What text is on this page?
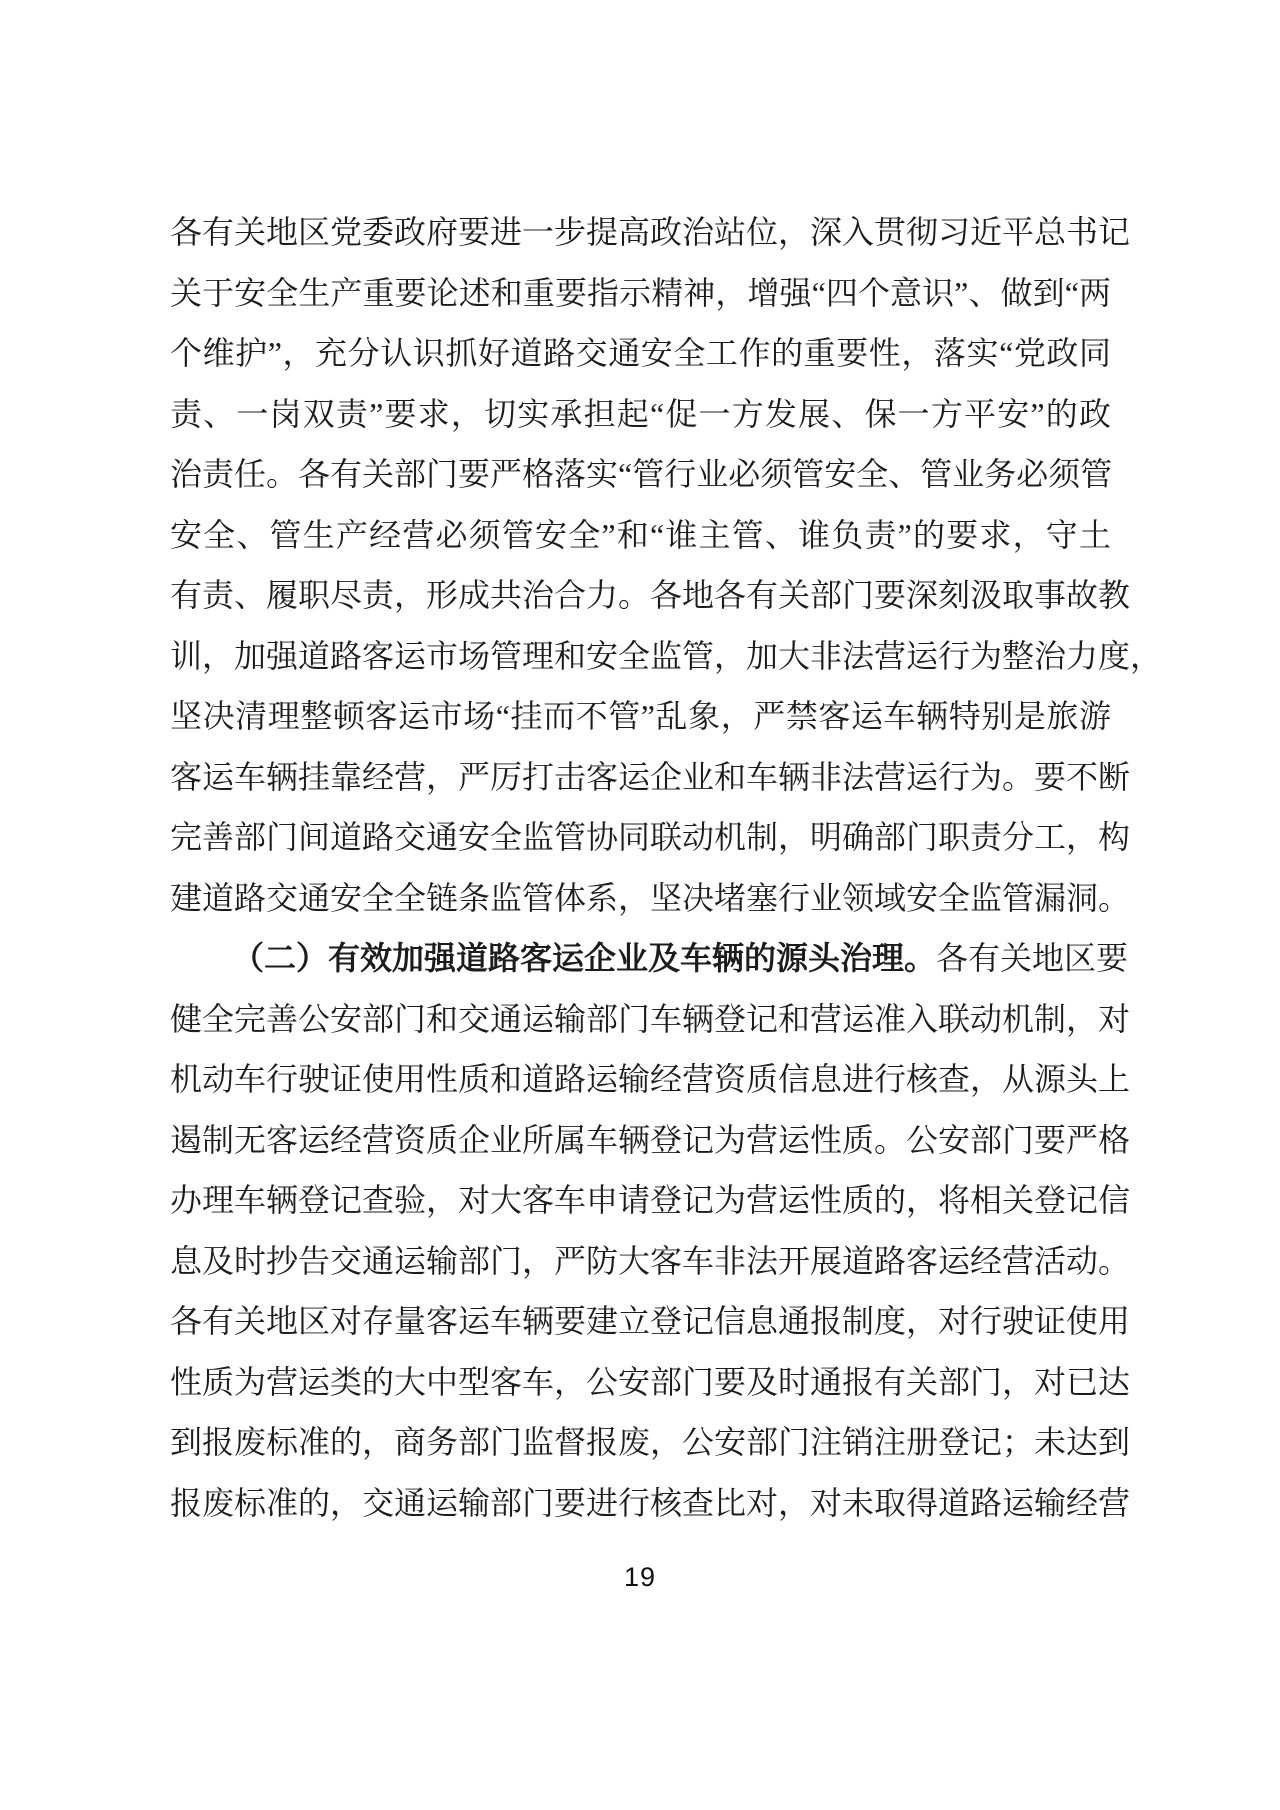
各有关地区党委政府要进一步提高政治站位，深入贯彻习近平总书记
关于安全生产重要论述和重要指示精神，增强“四个意识”、做到“两
个维护”，充分认识抓好道路交通安全工作的重要性，落实“党政同
责、一岗双责”要求，切实承担起“促一方发展、保一方平安”的政
治责任。各有关部门要严格落实“管行业必须管安全、管业务必须管
安全、管生产经营必须管安全”和“谁主管、谁负责”的要求，守土
有责、履职尽责，形成共治合力。各地各有关部门要深刻汲取事故教
训，加强道路客运市场管理和安全监管，加大非法营运行为整治力度，
坚决清理整顿客运市场“挂而不管”乱象，严禁客运车辆特别是旅游
客运车辆挂靠经营，严厉打击客运企业和车辆非法营运行为。要不断
完善部门间道路交通安全监管协同联动机制，明确部门职责分工，构
建道路交通安全全链条监管体系，坚决堵塞行业领域安全监管漏洞。
（二）有效加强道路客运企业及车辆的源头治理。各有关地区要
健全完善公安部门和交通运输部门车辆登记和营运准入联动机制，对
机动车行驶证使用性质和道路运输经营资质信息进行核查，从源头上
遏制无客运经营资质企业所属车辆登记为营运性质。公安部门要严格
办理车辆登记查验，对大客车申请登记为营运性质的，将相关登记信
息及时抄告交通运输部门，严防大客车非法开展道路客运经营活动。
各有关地区对存量客运车辆要建立登记信息通报制度，对行驶证使用
性质为营运类的大中型客车，公安部门要及时通报有关部门，对已达
到报废标准的，商务部门监督报废，公安部门注销注册登记；未达到
报废标准的，交通运输部门要进行核查比对，对未取得道路运输经营
19
